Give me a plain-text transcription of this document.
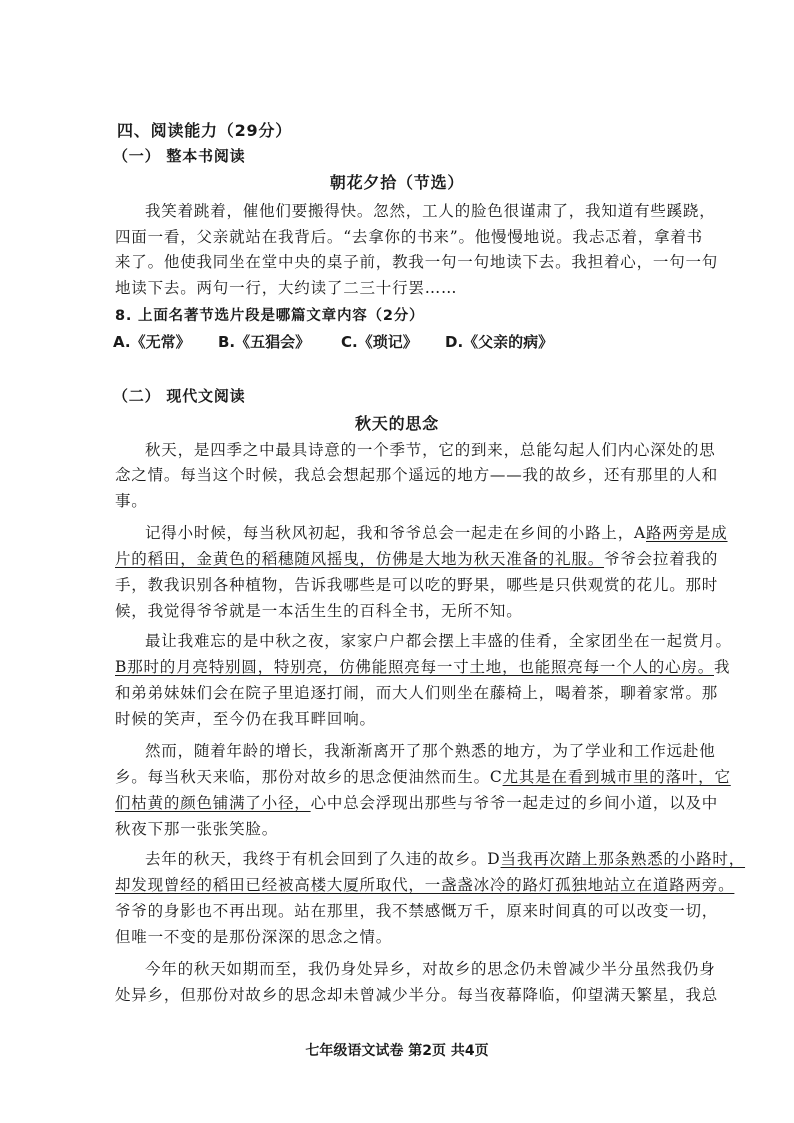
四、阅读能力（29分）
（一） 整本书阅读
朝花夕拾（节选）
我笑着跳着，催他们要搬得快。忽然，工人的脸色很谨肃了，我知道有些蹊跷，
四面一看，父亲就站在我背后。“去拿你的书来”。他慢慢地说。我忐忑着，拿着书
来了。他使我同坐在堂中央的桌子前，教我一句一句地读下去。我担着心，一句一句
地读下去。两句一行，大约读了二三十行罢……
8. 上面名著节选片段是哪篇文章内容（2分）
A.《无常》 B.《五猖会》 C.《琐记》 D.《父亲的病》
（二） 现代文阅读
秋天的思念
秋天，是四季之中最具诗意的一个季节，它的到来，总能勾起人们内心深处的思
念之情。每当这个时候，我总会想起那个遥远的地方——我的故乡，还有那里的人和
事。
记得小时候，每当秋风初起，我和爷爷总会一起走在乡间的小路上，A路两旁是成
片的稻田，金黄色的稻穗随风摇曳，仿佛是大地为秋天准备的礼服。爷爷会拉着我的
手，教我识别各种植物，告诉我哪些是可以吃的野果，哪些是只供观赏的花儿。那时
候，我觉得爷爷就是一本活生生的百科全书，无所不知。
最让我难忘的是中秋之夜，家家户户都会摆上丰盛的佳肴，全家团坐在一起赏月。
B那时的月亮特别圆，特别亮，仿佛能照亮每一寸土地，也能照亮每一个人的心房。我
和弟弟妹妹们会在院子里追逐打闹，而大人们则坐在藤椅上，喝着茶，聊着家常。那
时候的笑声，至今仍在我耳畔回响。
然而，随着年龄的增长，我渐渐离开了那个熟悉的地方，为了学业和工作远赴他
乡。每当秋天来临，那份对故乡的思念便油然而生。C尤其是在看到城市里的落叶，它
们枯黄的颜色铺满了小径，心中总会浮现出那些与爷爷一起走过的乡间小道，以及中
秋夜下那一张张笑脸。
去年的秋天，我终于有机会回到了久违的故乡。D当我再次踏上那条熟悉的小路时，
却发现曾经的稻田已经被高楼大厦所取代，一盏盏冰冷的路灯孤独地站立在道路两旁。
爷爷的身影也不再出现。站在那里，我不禁感慨万千，原来时间真的可以改变一切，
但唯一不变的是那份深深的思念之情。
今年的秋天如期而至，我仍身处异乡，对故乡的思念仍未曾减少半分虽然我仍身
处异乡，但那份对故乡的思念却未曾减少半分。每当夜幕降临，仰望满天繁星，我总
七年级语文试卷 第2页 共4页
